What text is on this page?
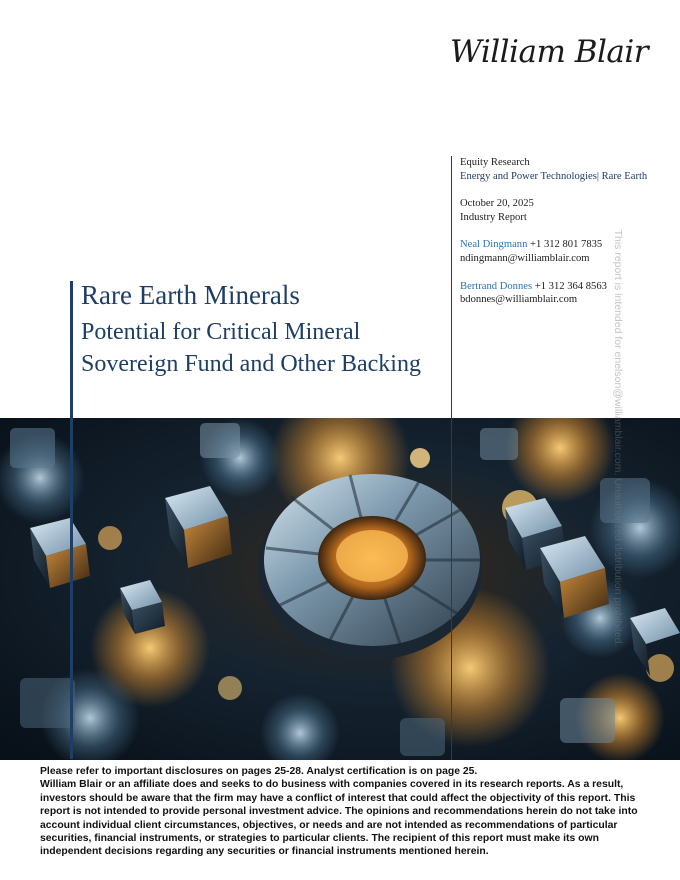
William Blair
Equity Research
Energy and Power Technologies| Rare Earth
October 20, 2025
Industry Report
Neal Dingmann +1 312 801 7835
ndingmann@williamblair.com
Bertrand Donnes +1 312 364 8563
bdonnes@williamblair.com
Rare Earth Minerals
Potential for Critical Mineral Sovereign Fund and Other Backing	This report is intended for enelson@williamblair.com. Unauthorized distribution prohibited.
Please refer to important disclosures on pages 25-28. Analyst certification is on page 25.
William Blair or an affiliate does and seeks to do business with companies covered in its research reports. As a result, investors should be aware that the firm may have a conflict of interest that could affect the objectivity of this report. This report is not intended to provide personal investment advice. The opinions and recommendations herein do not take into account individual client circumstances, objectives, or needs and are not intended as recommendations of particular securities, financial instruments, or strategies to particular clients. The recipient of this report must make its own independent decisions regarding any securities or financial instruments mentioned herein.
